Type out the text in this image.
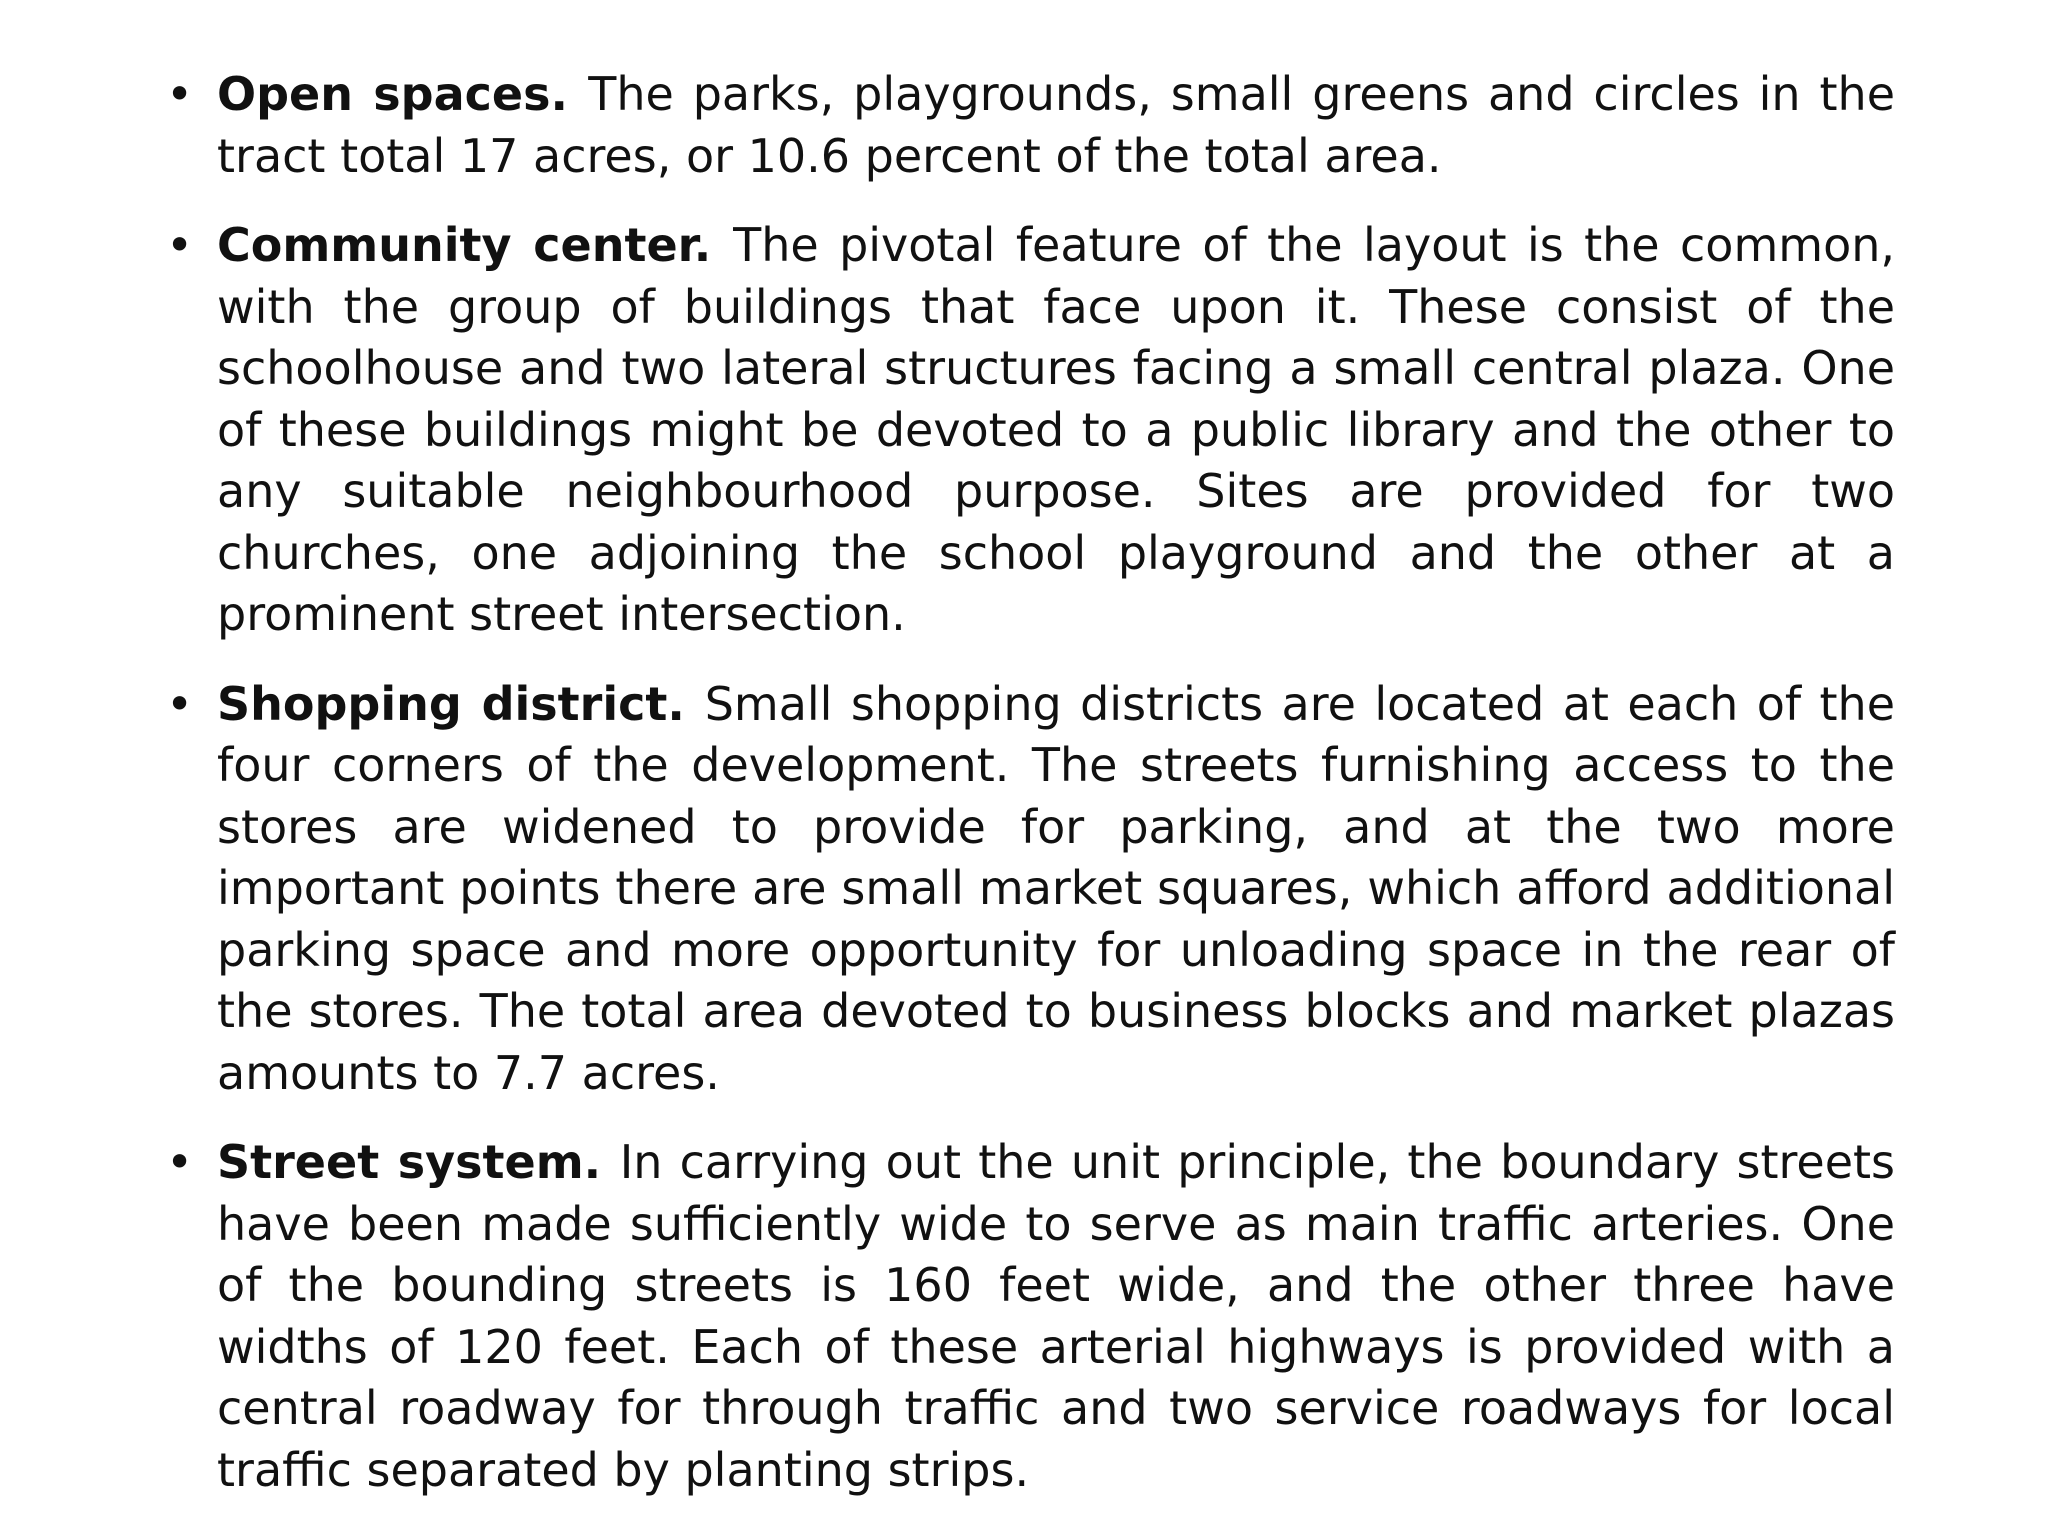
• Open spaces. The parks, playgrounds, small greens and circles in the tract total 17 acres, or 10.6 percent of the total area.
• Community center. The pivotal feature of the layout is the common, with the group of buildings that face upon it. These consist of the schoolhouse and two lateral structures facing a small central plaza. One of these buildings might be devoted to a public library and the other to any suitable neighbourhood purpose. Sites are provided for two churches, one adjoining the school playground and the other at a prominent street intersection.
• Shopping district. Small shopping districts are located at each of the four corners of the development. The streets furnishing access to the stores are widened to provide for parking, and at the two more important points there are small market squares, which afford additional parking space and more opportunity for unloading space in the rear of the stores. The total area devoted to business blocks and market plazas amounts to 7.7 acres.
• Street system. In carrying out the unit principle, the boundary streets have been made sufficiently wide to serve as main traffic arteries. One of the bounding streets is 160 feet wide, and the other three have widths of 120 feet. Each of these arterial highways is provided with a central roadway for through traffic and two service roadways for local traffic separated by planting strips.
